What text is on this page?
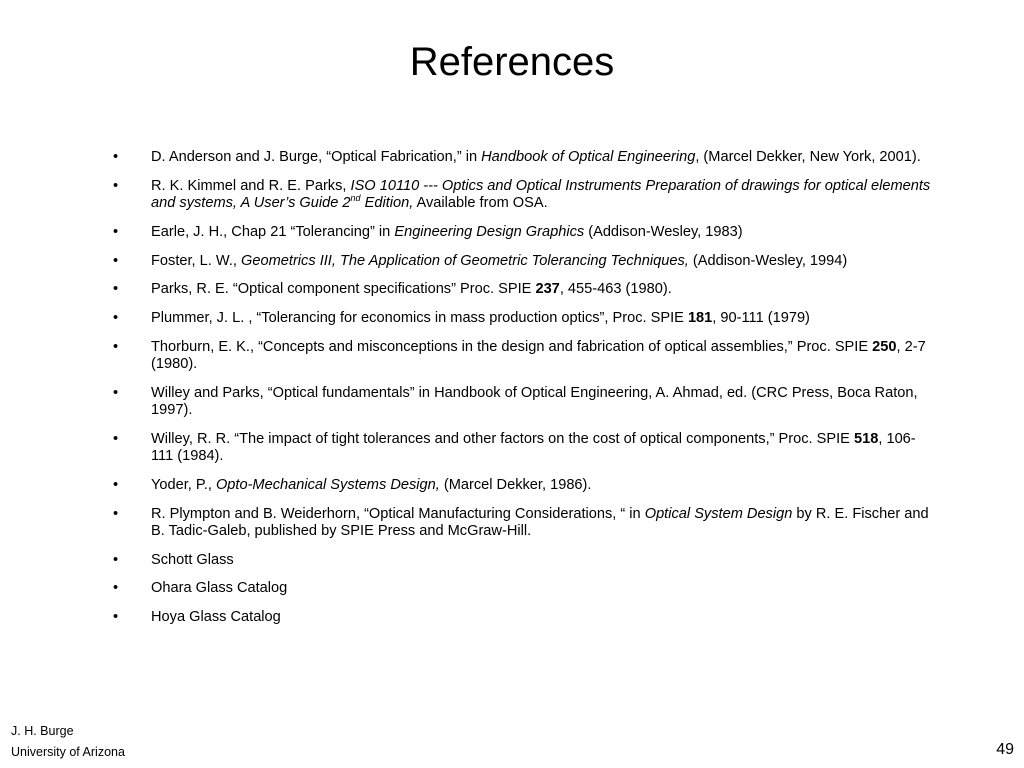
References
• D. Anderson and J. Burge, “Optical Fabrication,” in Handbook of Optical Engineering, (Marcel Dekker, New York, 2001).
• R. K. Kimmel and R. E. Parks, ISO 10110 --- Optics and Optical Instruments Preparation of drawings for optical elements and systems, A User’s Guide 2nd Edition, Available from OSA.
• Earle, J. H., Chap 21 “Tolerancing” in Engineering Design Graphics (Addison-Wesley, 1983)
• Foster, L. W., Geometrics III, The Application of Geometric Tolerancing Techniques, (Addison-Wesley, 1994)
• Parks, R. E. “Optical component specifications” Proc. SPIE 237, 455-463 (1980).
• Plummer, J. L. , “Tolerancing for economics in mass production optics”, Proc. SPIE 181, 90-111 (1979)
• Thorburn, E. K., “Concepts and misconceptions in the design and fabrication of optical assemblies,” Proc. SPIE 250, 2-7 (1980).
• Willey and Parks, “Optical fundamentals” in Handbook of Optical Engineering, A. Ahmad, ed. (CRC Press, Boca Raton, 1997).
• Willey, R. R. “The impact of tight tolerances and other factors on the cost of optical components,” Proc. SPIE 518, 106-111 (1984).
• Yoder, P., Opto-Mechanical Systems Design, (Marcel Dekker, 1986).
• R. Plympton and B. Weiderhorn, “Optical Manufacturing Considerations, “ in Optical System Design by R. E. Fischer and B. Tadic-Galeb, published by SPIE Press and McGraw-Hill.
• Schott Glass
• Ohara Glass Catalog
• Hoya Glass Catalog
J. H. Burge
University of Arizona	49
